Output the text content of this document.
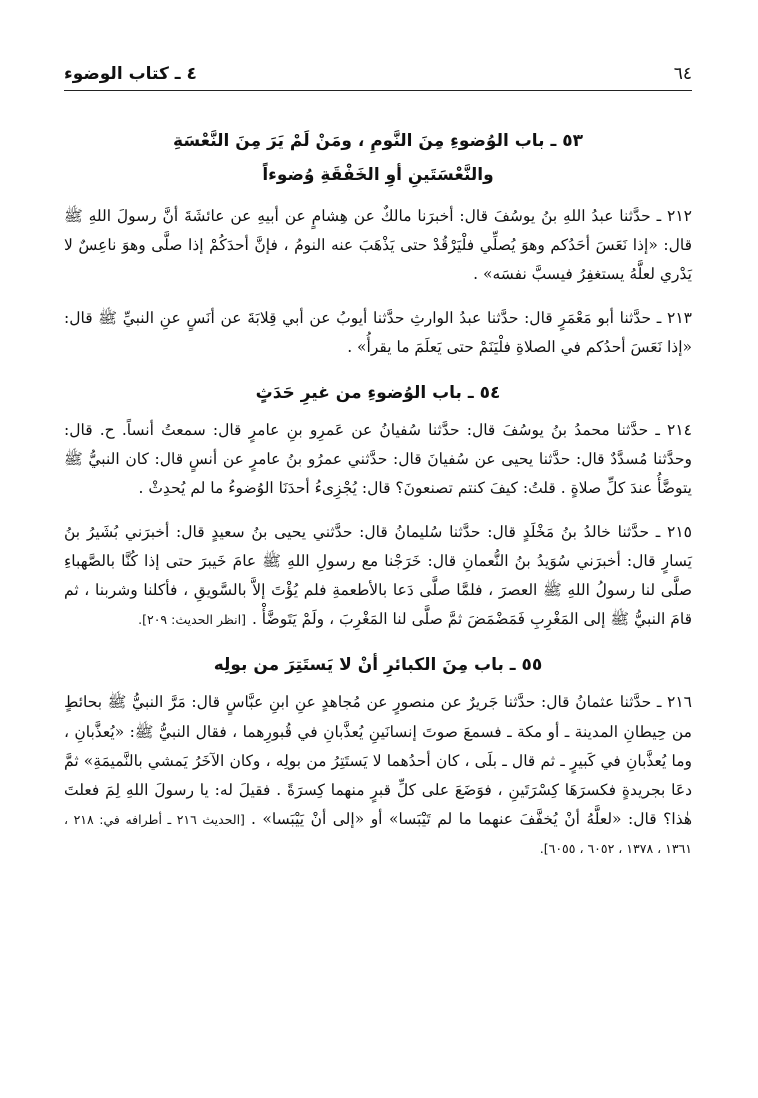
٤ ـ كتاب الوضوء	٦٤

٥٣ ـ باب الوُضوءِ مِنَ النَّومِ ، ومَنْ لَمْ يَرَ مِنَ النَّعْسَةِ

والنَّعْسَتَينِ أوِ الخَفْقَةِ وُضوءاً

٢١٢ ـ حدَّثنا عبدُ اللهِ بنُ يوسُفَ قال: أخبرَنا مالكٌ عن هِشامٍ عن أبيهِ عن عائشَةَ أنَّ رسولَ اللهِ ﷺ قال: «إذا نَعَسَ أحَدُكم وهوَ يُصلِّي فلْيَرْقُدْ حتى يَذْهَبَ عنه النومُ ، فإنَّ أحدَكُمْ إذا صلَّى وهوَ ناعِسٌ لا يَدْري لعلَّهُ يستغفِرُ فيسبَّ نفسَه» .

٢١٣ ـ حدَّثنا أبو مَعْمَرٍ قال: حدَّثنا عبدُ الوارثِ حدَّثنا أيوبُ عن أبي قِلابَةَ عن أنَسٍ عنِ النبيِّ ﷺ قال: «إذا نَعَسَ أحدُكم في الصلاةِ فلْيَنَمْ حتى يَعلَمَ ما يقرأُ» .

٥٤ ـ باب الوُضوءِ من غيرِ حَدَثٍ

٢١٤ ـ حدَّثنا محمدُ بنُ يوسُفَ قال: حدَّثنا سُفيانُ عن عَمرِو بنِ عامرٍ قال: سمعتُ أنساً. ح. قال: وحدَّثنا مُسدَّدٌ قال: حدَّثنا يحيى عن سُفيانَ قال: حدَّثني عمرُو بنُ عامرٍ عن أنسٍ قال: كان النبيُّ ﷺ يتوضَّأُ عندَ كلِّ صلاةٍ . قلتُ: كيفَ كنتم تصنعونَ؟ قال: يُجْزِىءُ أحدَنَا الوُضوءُ ما لم يُحدِثْ .

٢١٥ ـ حدَّثنا خالدُ بنُ مَخْلَدٍ قال: حدَّثنا سُليمانُ قال: حدَّثني يحيى بنُ سعيدٍ قال: أخبرَني بُشَيرُ بنُ يَسارٍ قال: أخبرَني سُوَيدُ بنُ النُّعمانِ قال: خَرَجْنا مع رسولِ اللهِ ﷺ عامَ خَيبرَ حتى إذا كُنَّا بالصَّهباءِ صلَّى لنا رسولُ اللهِ ﷺ العصرَ ، فلمَّا صلَّى دَعا بالأطعمةِ فلم يُؤْتَ إلاَّ بالسَّويقِ ، فأكلنا وشربنا ، ثم قامَ النبيُّ ﷺ إلى المَغْرِبِ فَمَضْمَضَ ثمَّ صلَّى لنا المَغْرِبَ ، ولَمْ يَتَوضَّأْ .[انظر الحديث: ٢٠٩].

٥٥ ـ باب مِنَ الكبائرِ أنْ لا يَستَتِرَ من بولِه

٢١٦ ـ حدَّثنا عثمانُ قال: حدَّثنا جَريرٌ عن منصورٍ عن مُجاهدٍ عنِ ابنِ عبَّاسٍ قال: مَرَّ النبيُّ ﷺ بحائطٍ من حِيطانِ المدينة ـ أو مكة ـ فسمعَ صوتَ إنسانَينِ يُعذَّبانِ في قُبورِهما ، فقال النبيُّ ﷺ: «يُعذَّبانِ ، وما يُعذَّبانِ في كَبيرٍ ـ ثم قال ـ بلَى ، كان أحدُهما لا يَستَتِرُ من بولِه ، وكان الآخَرُ يَمشي بالنَّميمَةِ» ثمَّ دعَا بجريدةٍ فكسرَهَا كِسْرَتَينِ ، فوَضَعَ على كلِّ قبرٍ منهما كِسرَةً . فقيلَ له: يا رسولَ اللهِ لِمَ فعلتَ هٰذا؟ قال: «لعلَّهُ أنْ يُخفَّفَ عنهما ما لم تَيْبَسا» أو «إلى أنْ يَيْبَسا» .[الحديث ٢١٦ ـ أطرافه في: ٢١٨ ، ١٣٦١ ، ١٣٧٨ ، ٦٠٥٢ ، ٦٠٥٥].
